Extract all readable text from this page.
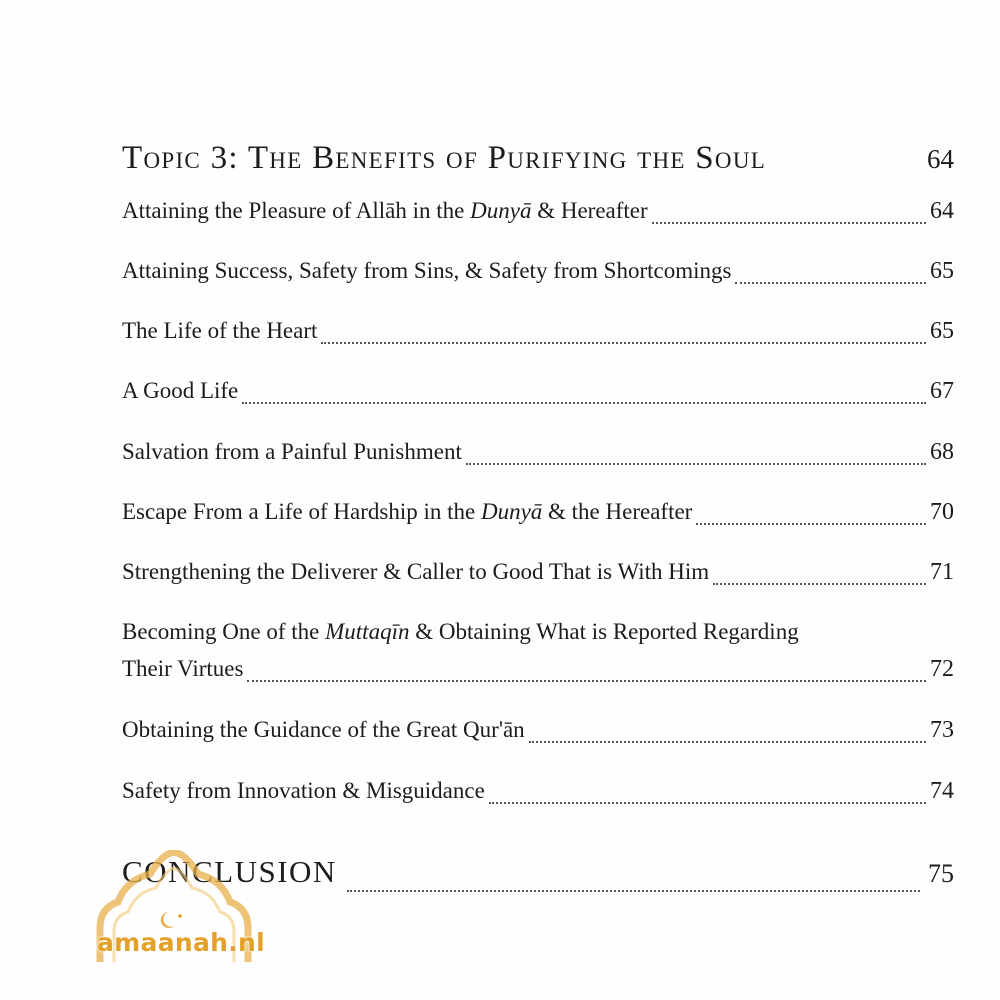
Topic 3: The Benefits of Purifying the Soul	64
Attaining the Pleasure of Allāh in the Dunyā & Hereafter	64
Attaining Success, Safety from Sins, & Safety from Shortcomings	65
The Life of the Heart	65
A Good Life	67
Salvation from a Painful Punishment	68
Escape From a Life of Hardship in the Dunyā & the Hereafter	70
Strengthening the Deliverer & Caller to Good That is With Him	71
Becoming One of the Muttaqīn & Obtaining What is Reported Regarding
Their Virtues	72
Obtaining the Guidance of the Great Qur'ān	73
Safety from Innovation & Misguidance	74
CONCLUSION	75
amaanah.nl
